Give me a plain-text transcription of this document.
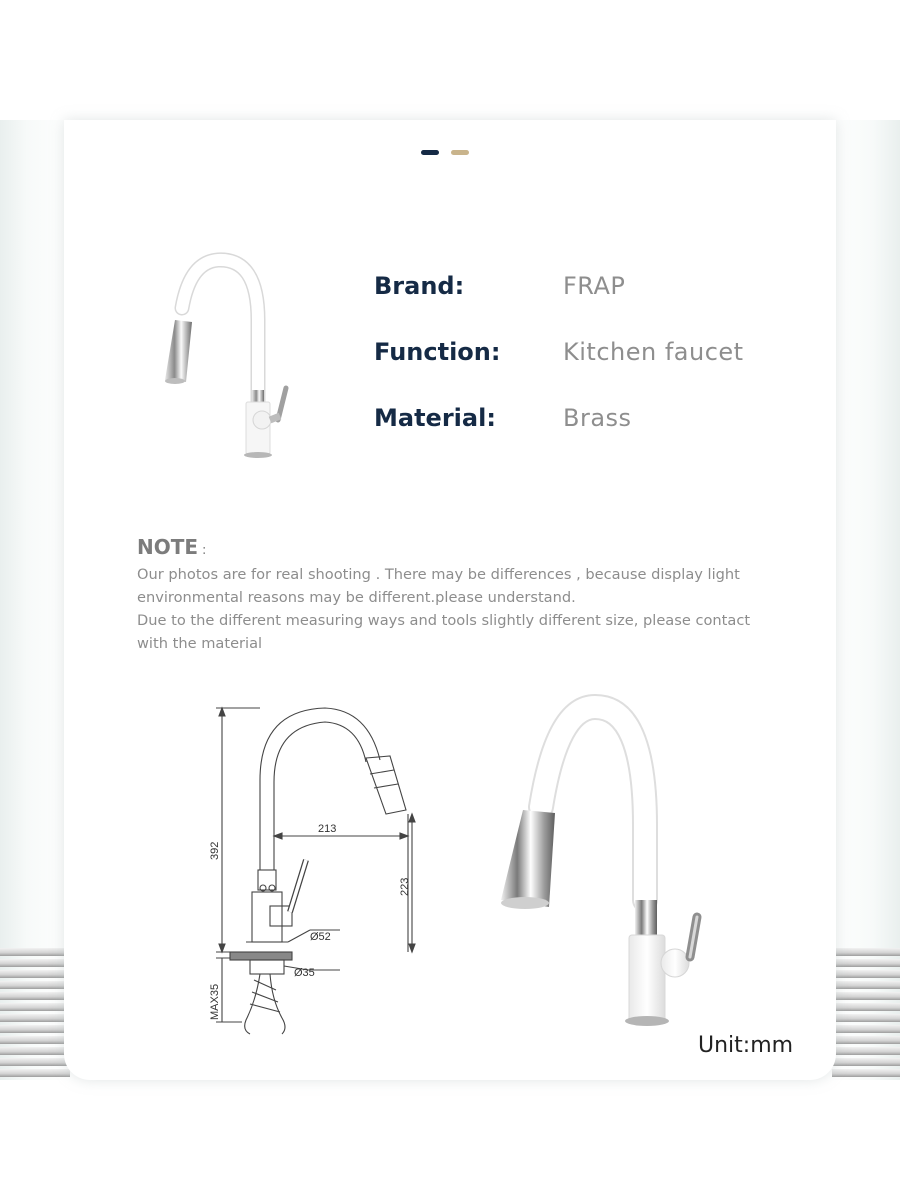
Brand:	FRAP
Function:	Kitchen faucet
Material:	Brass
NOTE :
Our photos are for real shooting . There may be differences , because display light
environmental reasons may be different.please understand.
Due to the different measuring ways and tools slightly different size, please contact
with the material
392
213
223
Ø52
Ø35
MAX35
Unit:mm
